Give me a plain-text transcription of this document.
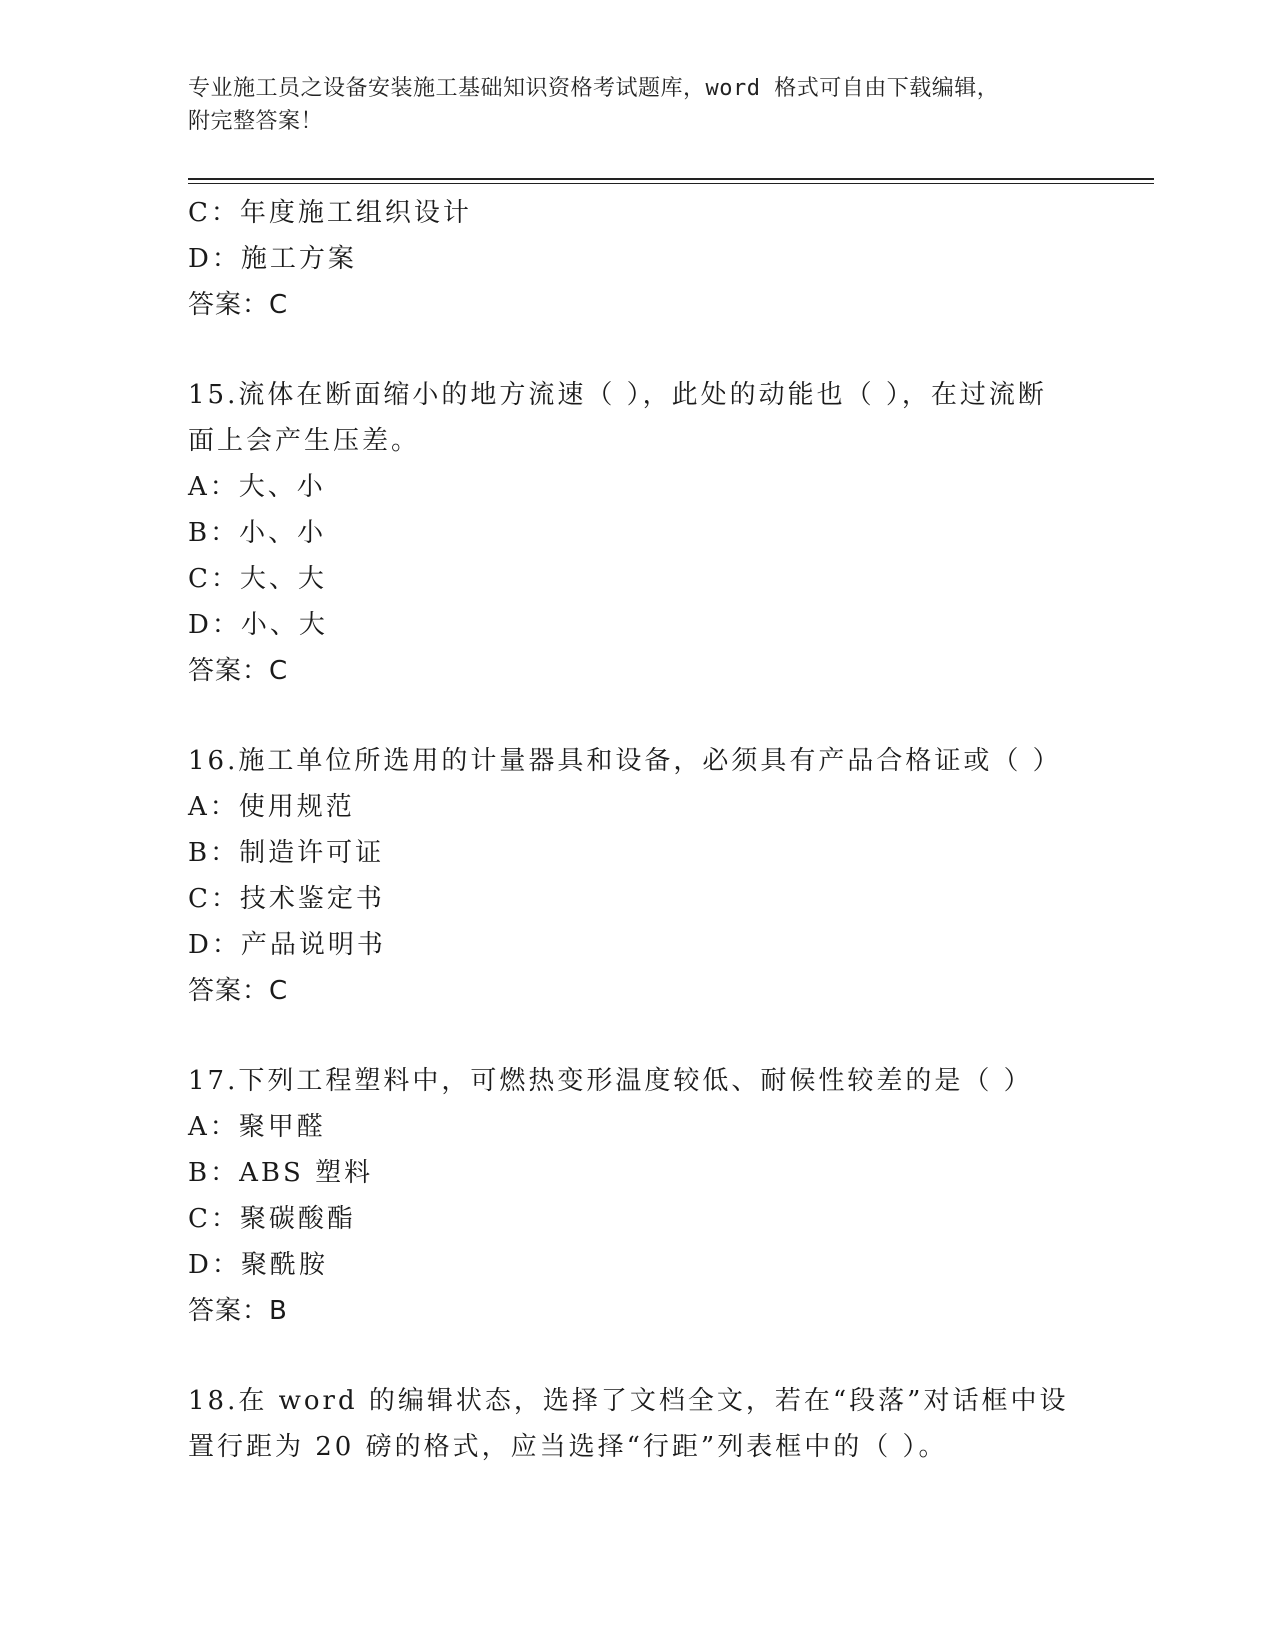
专业施工员之设备安装施工基础知识资格考试题库，word 格式可自由下载编辑，
附完整答案！
C：年度施工组织设计
D：施工方案
答案：C
15.流体在断面缩小的地方流速（ ），此处的动能也（ ），在过流断
面上会产生压差。
A：大、小
B：小、小
C：大、大
D：小、大
答案：C
16.施工单位所选用的计量器具和设备，必须具有产品合格证或（ ）
A：使用规范
B：制造许可证
C：技术鉴定书
D：产品说明书
答案：C
17.下列工程塑料中，可燃热变形温度较低、耐候性较差的是（ ）
A：聚甲醛
B：ABS 塑料
C：聚碳酸酯
D：聚酰胺
答案：B
18.在 word 的编辑状态，选择了文档全文，若在“段落”对话框中设
置行距为 20 磅的格式，应当选择“行距”列表框中的（ ）。
